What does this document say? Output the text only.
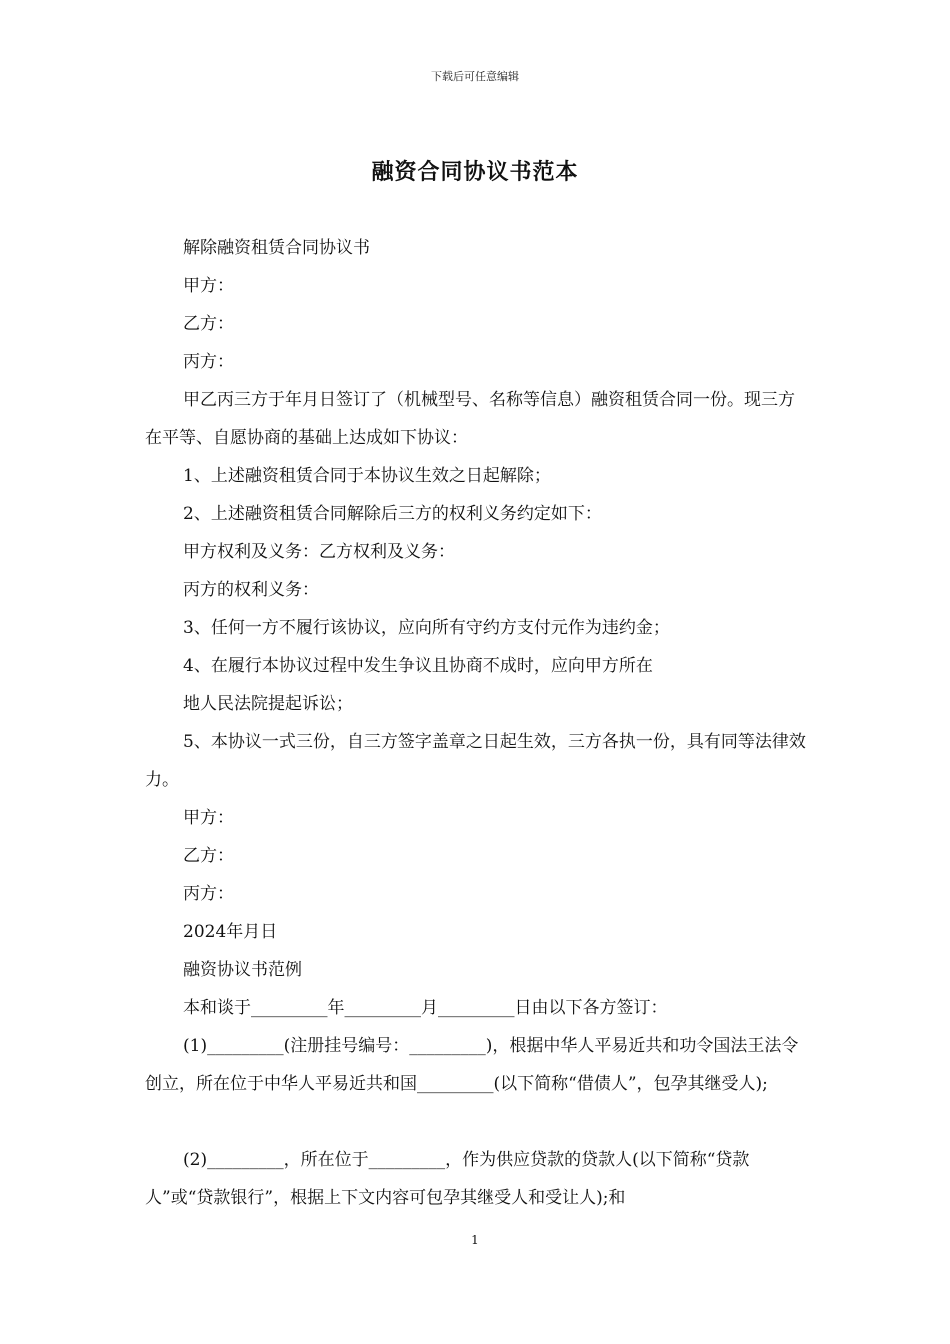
下载后可任意编辑
融资合同协议书范本
解除融资租赁合同协议书
甲方：
乙方：
丙方：
甲乙丙三方于年月日签订了（机械型号、名称等信息）融资租赁合同一份。现三方在平等、自愿协商的基础上达成如下协议：
1、上述融资租赁合同于本协议生效之日起解除；
2、上述融资租赁合同解除后三方的权利义务约定如下：
甲方权利及义务：乙方权利及义务：
丙方的权利义务：
3、任何一方不履行该协议，应向所有守约方支付元作为违约金；
4、在履行本协议过程中发生争议且协商不成时，应向甲方所在
地人民法院提起诉讼；
5、本协议一式三份，自三方签字盖章之日起生效，三方各执一份，具有同等法律效力。
甲方：
乙方：
丙方：
2024年月日
融资协议书范例
本和谈于_________年_________月_________日由以下各方签订：
(1)_________(注册挂号编号：_________)，根据中华人平易近共和功令国法王法令创立，所在位于中华人平易近共和国_________(以下简称“借债人”，包孕其继受人);
(2)_________，所在位于_________，作为供应贷款的贷款人(以下简称“贷款人”或“贷款银行”，根据上下文内容可包孕其继受人和受让人);和
1
